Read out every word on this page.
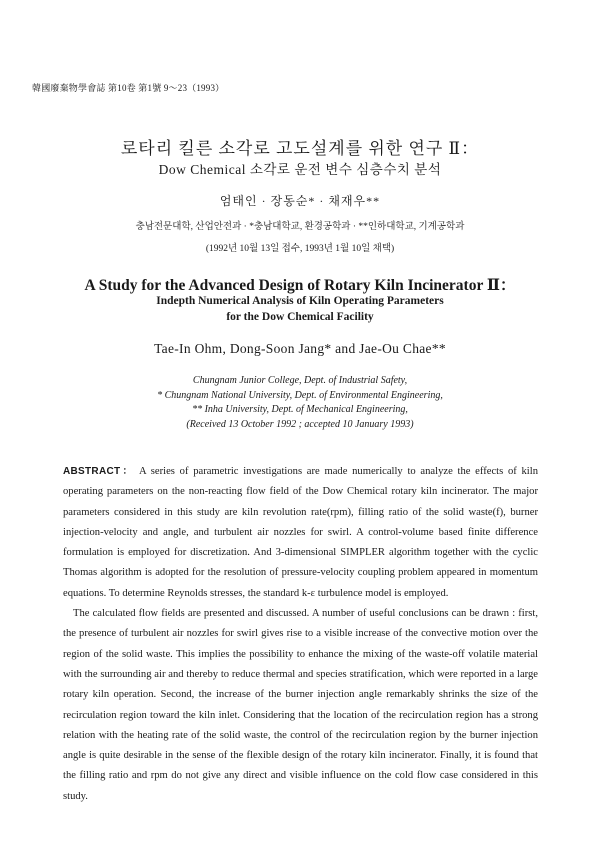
韓國廢棄物學會誌 第10卷 第1號 9〜23（1993）
로타리 킬른 소각로 고도설계를 위한 연구 Ⅱ：
Dow Chemical 소각로 운전 변수 심층수치 분석
엄태인 · 장동순* · 채재우**
충남전문대학, 산업안전과 · *충남대학교, 환경공학과 · **인하대학교, 기계공학과
(1992년 10월 13일 접수, 1993년 1월 10일 채택)
A Study for the Advanced Design of Rotary Kiln Incinerator Ⅱ：
Indepth Numerical Analysis of Kiln Operating Parameters
for the Dow Chemical Facility
Tae-In Ohm, Dong-Soon Jang* and Jae-Ou Chae**
Chungnam Junior College, Dept. of Industrial Safety,
* Chungnam National University, Dept. of Environmental Engineering,
** Inha University, Dept. of Mechanical Engineering,
(Received 13 October 1992 ; accepted 10 January 1993)

ABSTRACT： A series of parametric investigations are made numerically to analyze the effects of kiln operating parameters on the non-reacting flow field of the Dow Chemical rotary kiln incinerator. The major parameters considered in this study are kiln revolution rate(rpm), filling ratio of the solid waste(f), burner injection-velocity and angle, and turbulent air nozzles for swirl. A control-volume based finite difference formulation is employed for discretization. And 3-dimensional SIMPLER algorithm together with the cyclic Thomas algorithm is adopted for the resolution of pressure-velocity coupling problem appeared in momentum equations. To determine Reynolds stresses, the standard k-ε turbulence model is employed.

The calculated flow fields are presented and discussed. A number of useful conclusions can be drawn : first, the presence of turbulent air nozzles for swirl gives rise to a visible increase of the convective motion over the region of the solid waste. This implies the possibility to enhance the mixing of the waste-off volatile material with the surrounding air and thereby to reduce thermal and species stratification, which were reported in a large rotary kiln operation. Second, the increase of the burner injection angle remarkably shrinks the size of the recirculation region toward the kiln inlet. Considering that the location of the recirculation region has a strong relation with the heating rate of the solid waste, the control of the recirculation region by the burner injection angle is quite desirable in the sense of the flexible design of the rotary kiln incinerator. Finally, it is found that the filling ratio and rpm do not give any direct and visible influence on the cold flow case considered in this study.
